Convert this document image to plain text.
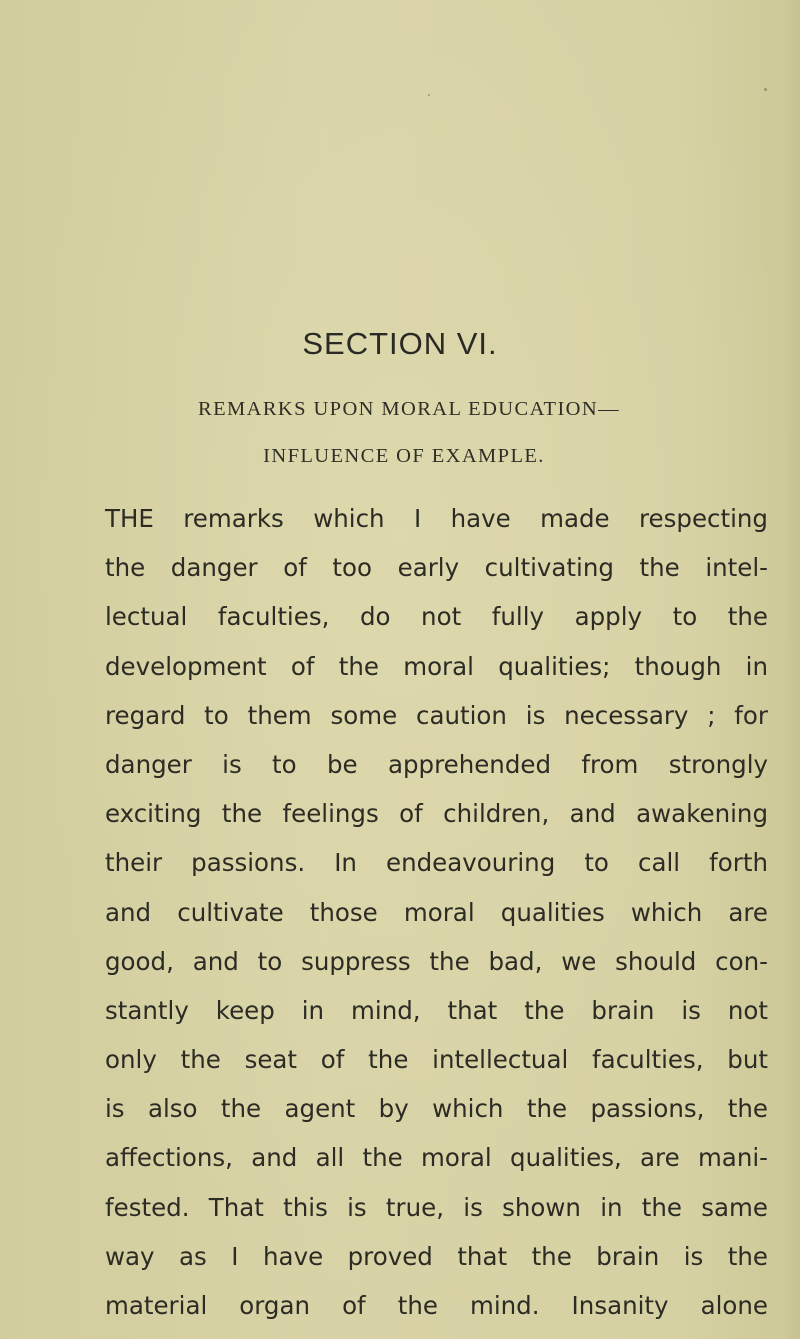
SECTION VI.
REMARKS UPON MORAL EDUCATION—
INFLUENCE OF EXAMPLE.
THE remarks which I have made respecting
the danger of too early cultivating the intel-
lectual faculties, do not fully apply to the
development of the moral qualities; though in
regard to them some caution is necessary ; for
danger is to be apprehended from strongly
exciting the feelings of children, and awakening
their passions. In endeavouring to call forth
and cultivate those moral qualities which are
good, and to suppress the bad, we should con-
stantly keep in mind, that the brain is not
only the seat of the intellectual faculties, but
is also the agent by which the passions, the
affections, and all the moral qualities, are mani-
fested. That this is true, is shown in the same
way as I have proved that the brain is the
material organ of the mind. Insanity alone
